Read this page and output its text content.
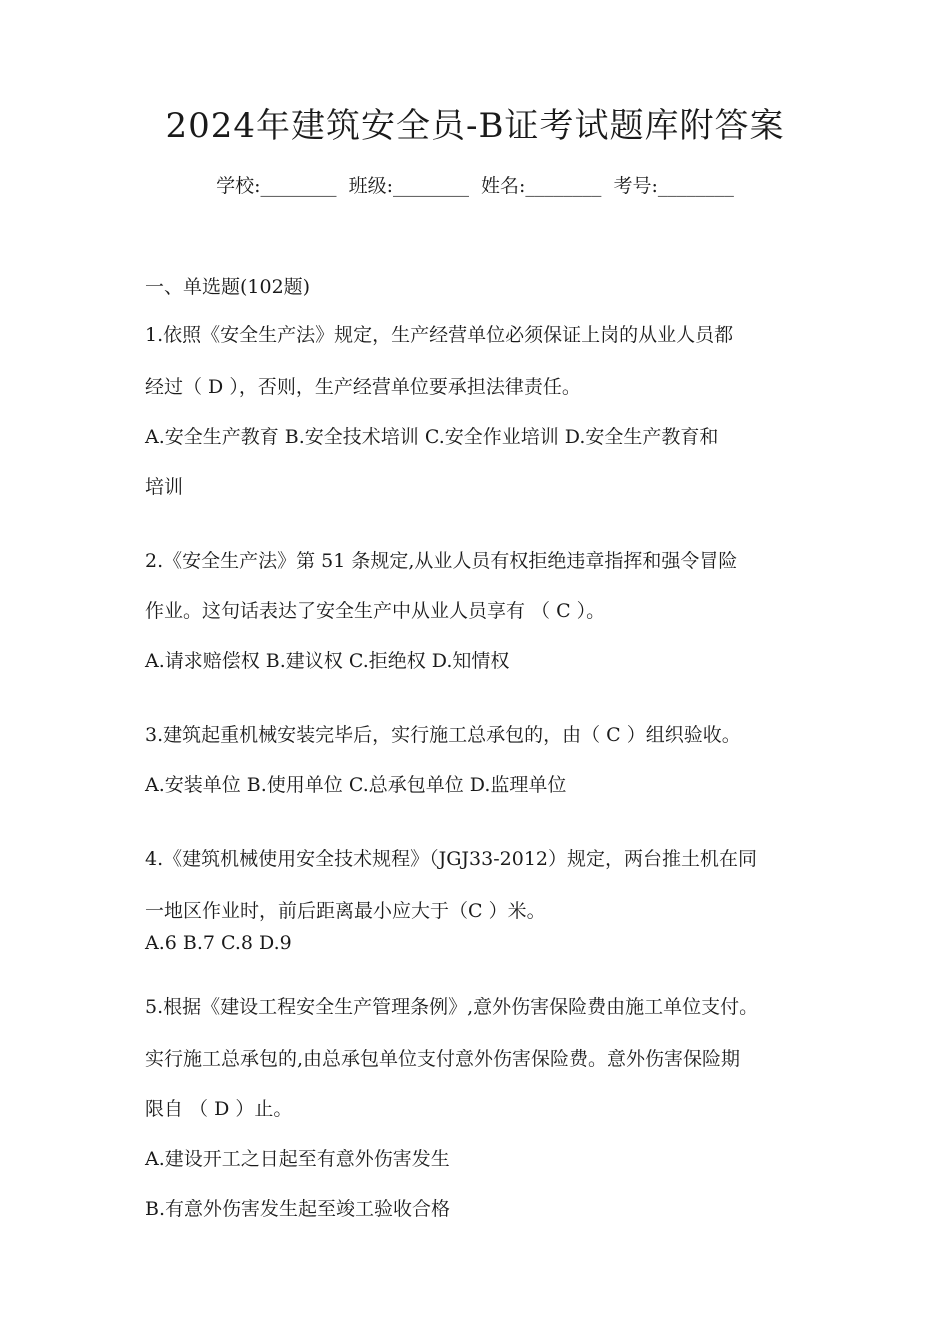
2024年建筑安全员-B证考试题库附答案
学校:________ 班级:________ 姓名:________ 考号:________
一、单选题(102题)
1.依照《安全生产法》规定，生产经营单位必须保证上岗的从业人员都
经过（ D ），否则，生产经营单位要承担法律责任。
A.安全生产教育 B.安全技术培训 C.安全作业培训 D.安全生产教育和
培训
2.《安全生产法》第 51 条规定,从业人员有权拒绝违章指挥和强令冒险
作业。这句话表达了安全生产中从业人员享有 （ C ）。
A.请求赔偿权 B.建议权 C.拒绝权 D.知情权
3.建筑起重机械安装完毕后，实行施工总承包的，由（ C ）组织验收。
A.安装单位 B.使用单位 C.总承包单位 D.监理单位
4.《建筑机械使用安全技术规程》（JGJ33-2012）规定，两台推土机在同
一地区作业时，前后距离最小应大于（C ）米。
A.6 B.7 C.8 D.9
5.根据《建设工程安全生产管理条例》,意外伤害保险费由施工单位支付。
实行施工总承包的,由总承包单位支付意外伤害保险费。意外伤害保险期
限自 （ D ）止。
A.建设开工之日起至有意外伤害发生
B.有意外伤害发生起至竣工验收合格
